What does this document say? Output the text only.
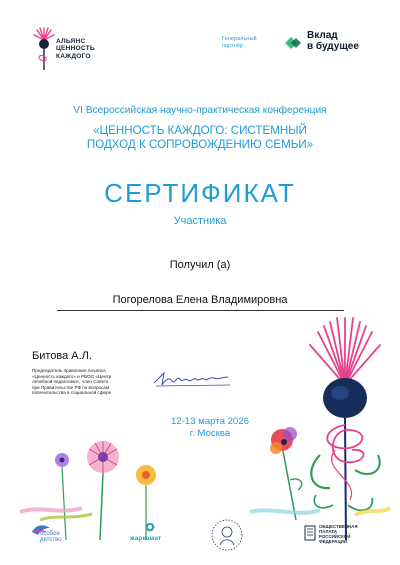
АЛЬЯНС
ЦЕННОСТЬ
КАЖДОГО
Генеральный
партнёр
Вклад
в будущее
VI Всероссийская научно-практическая конференция
«ЦЕННОСТЬ КАЖДОГО: СИСТЕМНЫЙ
ПОДХОД К СОПРОВОЖДЕНИЮ СЕМЬИ»
СЕРТИФИКАТ
Участника
Получил (а)
Погорелова Елена Владимировна
Битова А.Л.
Председатель правления Альянса
«Ценность каждого» и РБОО «Центр
лечебной педагогики», член Совета
при Правительстве РФ по вопросам
попечительства в социальной сфере
12-13 марта 2026
г. Москва
особое
детство	жаркамат
ОБЩЕСТВЕННАЯ
ПАЛАТА
РОССИЙСКОЙ
ФЕДЕРАЦИИ
